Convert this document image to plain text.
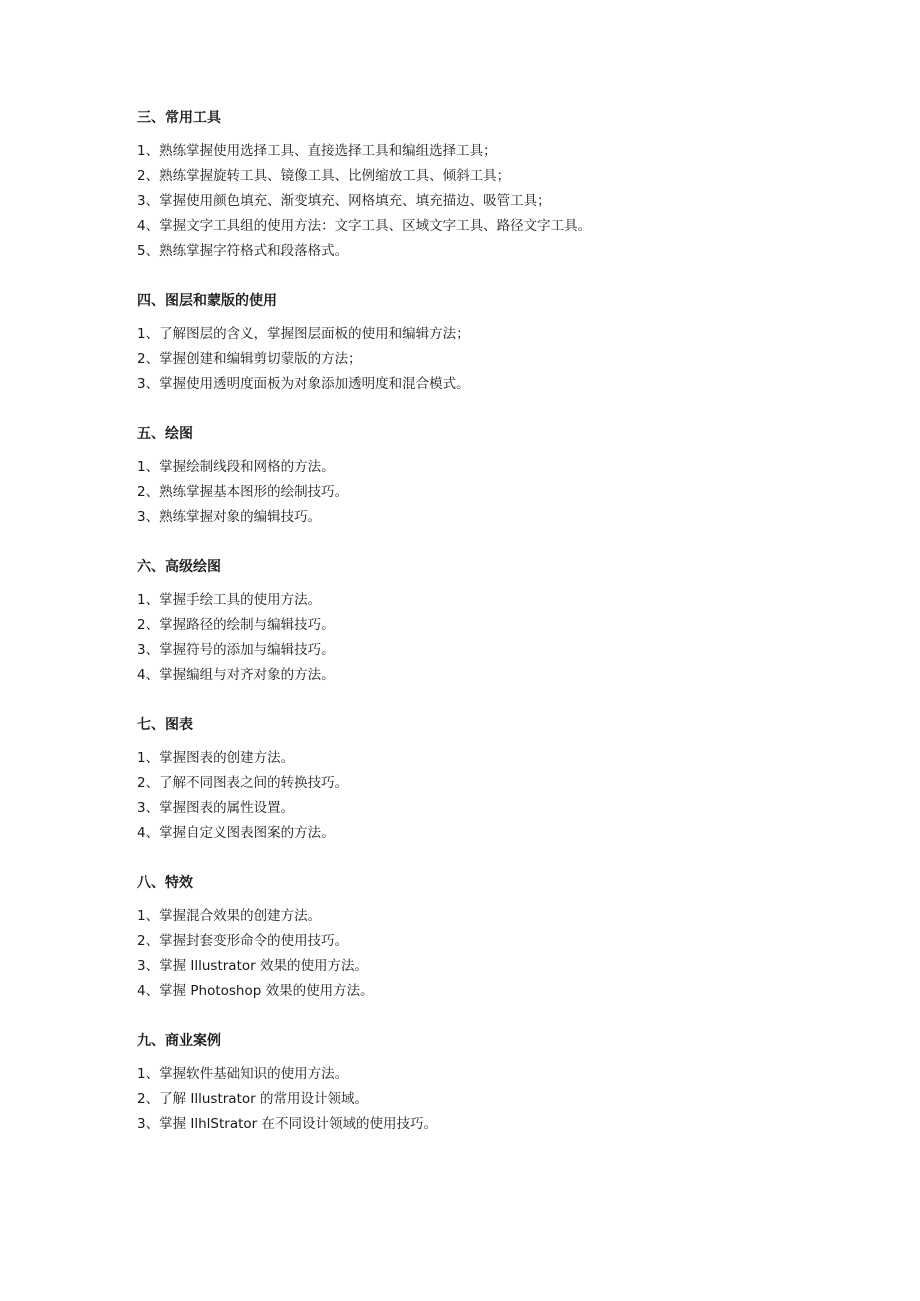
三、常用工具
1、熟练掌握使用选择工具、直接选择工具和编组选择工具；
2、熟练掌握旋转工具、镜像工具、比例缩放工具、倾斜工具；
3、掌握使用颜色填充、渐变填充、网格填充、填充描边、吸管工具；
4、掌握文字工具组的使用方法：文字工具、区域文字工具、路径文字工具。
5、熟练掌握字符格式和段落格式。
四、图层和蒙版的使用
1、了解图层的含义，掌握图层面板的使用和编辑方法；
2、掌握创建和编辑剪切蒙版的方法；
3、掌握使用透明度面板为对象添加透明度和混合模式。
五、绘图
1、掌握绘制线段和网格的方法。
2、熟练掌握基本图形的绘制技巧。
3、熟练掌握对象的编辑技巧。
六、高级绘图
1、掌握手绘工具的使用方法。
2、掌握路径的绘制与编辑技巧。
3、掌握符号的添加与编辑技巧。
4、掌握编组与对齐对象的方法。
七、图表
1、掌握图表的创建方法。
2、了解不同图表之间的转换技巧。
3、掌握图表的属性设置。
4、掌握自定义图表图案的方法。
八、特效
1、掌握混合效果的创建方法。
2、掌握封套变形命令的使用技巧。
3、掌握 Illustrator 效果的使用方法。
4、掌握 Photoshop 效果的使用方法。
九、商业案例
1、掌握软件基础知识的使用方法。
2、了解 Illustrator 的常用设计领域。
3、掌握 IlhlStrator 在不同设计领域的使用技巧。
